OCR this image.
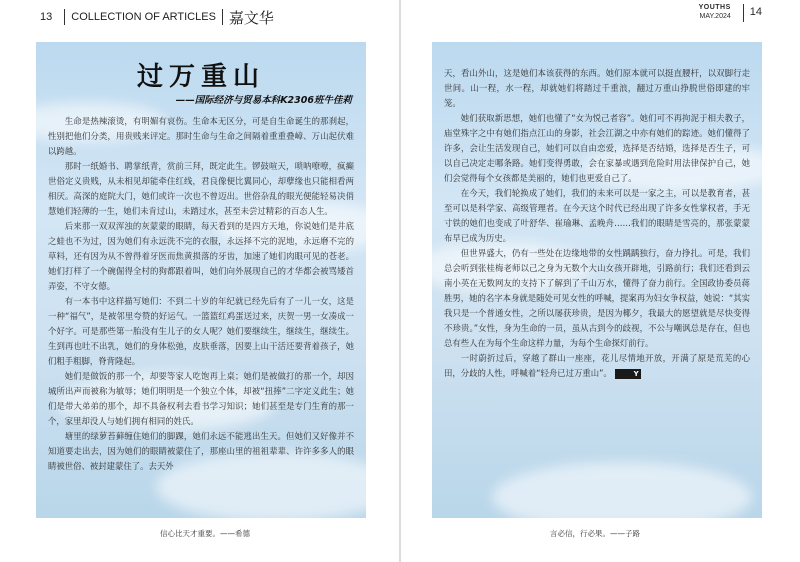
13 COLLECTION OF ARTICLES 嘉文华
过万重山
——国际经济与贸易本科K2306班牛佳莉

生命是热辣滚烫，有明媚有哀伤。生命本无区分，可是自生命诞生的那刹起，性别把他们分类，用贵贱来评定。那时生命与生命之间隔着重重叠嶂、万山起伏难以跨越。

那时一纸婚书、聘掌纸青，赏前三拜，既定此生。锣鼓喧天，唢呐嘹嘹，疯癫世俗定义贵贱，从未相见却能牵住红线，君良像便比翼同心，却孽缘也只能相看两相厌。高深的庭院大门，她们或许一次也不曾迈出。世俗杂乱的眼光便能轻易决俏慧她们轻薄的一生，她们未肯过山，未踏过水，甚至未尝过精彩的百态人生。

后来那一双双浑浊的灰蒙蒙的眼睛，每天看到的是四方天地，你说她们是井底之蛙也不为过，因为她们有永远洗不完的衣服，永远择不完的泥地，永远磨不完的草料，还有因为从不曾得着牙医而焦黄损落的牙齿，加速了她们肉眼可见的苍老。她们打样了一个碗倔得全村的狗都跟着叫，她们向外展现自己的才华都会被骂矮首弄姿，不守女德。

有一本书中这样描写她们：不到二十岁的年纪就已经先后有了一儿一女，这是一种“福气”，是被邻里夸赞的好运气。一篮篮红鸡蛋送过来，庆贺一男一女凑成一个好字。可是那些第一胎没有生儿子的女人呢？她们要继续生，继续生，继续生。生到再也吐不出乳，她们的身体松弛，皮肤垂落，因要上山干活还要背着孩子，她们粗手粗脚，脊背隆起。

她们是做饭的那一个，却要等家人吃饱再上桌；她们是被做打的那一个，却因城所出声而被称为敏辱；她们明明是一个独立个体，却被“扭捧”二字定义此生；她们是带大弟弟的那个，却不具备权利去看书学习知识；她们甚至是专门生育的那一个，家里却没人与她们拥有相同的姓氏。

塘里的绿萝苔藓缠住她们的脚踝，她们永远不能逃出生天。但她们又好像并不知道要走出去，因为她们的眼睛被蒙住了，那座山里的祖祖辈辈、许许多多人的眼睛被世俗、被封建蒙住了。去天外

信心比天才重要。——希德
YOUTHS
MAY.2024 14

天，看山外山，这是她们本该获得的东西。她们原本就可以挺直腰杆，以双脚行走世间。山一程，水一程，却就她们将踏过千重浪，翻过万重山挣脱世俗即建的牢笼。

她们获取新思想，她们也懂了“女为悦己者容”。她们可不再拘泥于相夫教子，庙堂殊字之中有她们指点江山的身影，社会江湖之中亦有她们的踪迹。她们懂得了许多，会让生活发现自己，她们可以自由恋爱，选择是否结婚，选择是否生子，可以自己决定走哪条路。她们变得勇敢，会在家暴或遇到危险时用法律保护自己，她们会觉得每个女孩都是美丽的，她们也更爱自己了。

在今天，我们轮换成了她们，我们的未来可以是一家之主，可以是教育者，甚至可以是科学家、高级管理者。在今天这个时代已经出现了许多女性掌权者，手无寸铁的她们也变成了叶舒华、崔瑜琳、孟晚舟……我们的眼睛是雪亮的，那张蒙蒙布早已成为历史。

但世界盛大，仍有一些处在边缘地带的女性踽踽独行，奋力挣扎。可是，我们总会听到张桂梅老师以己之身为无数个大山女孩开辟地，引路前行；我们还看到云南小英在无数网友的支持下了解到了千山万水，懂得了奋力前行。全国政协委员蒋胜男，她的名字本身就是随处可见女性的呼喊，提案再为妇女争权益，她说：“其实我只是一个普通女性，之所以屡获珍贵，是因为椰夕，我最大的愿望就是尽快变得不珍贵。”女性，身为生命的一员，虽从古到今的歧视，不公与嘲讽总是存在，但也总有些人在为每个生命这样力量，为每个生命探灯前行。

一时蔚折过后，穿越了群山一座座，花儿尽情地开放，开满了原是荒芜的心田，分歧的人性，呼喊着“轻舟已过万重山”。	Y

言必信，行必果。——子路
